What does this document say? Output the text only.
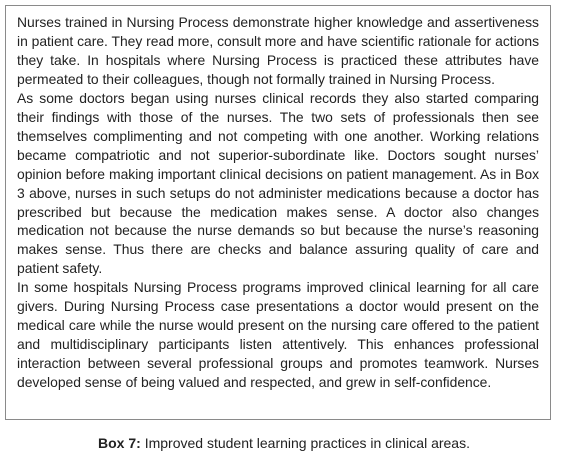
Nurses trained in Nursing Process demonstrate higher knowledge and assertiveness in patient care. They read more, consult more and have scientific rationale for actions they take. In hospitals where Nursing Process is practiced these attributes have permeated to their colleagues, though not formally trained in Nursing Process.

As some doctors began using nurses clinical records they also started comparing their findings with those of the nurses. The two sets of professionals then see themselves complimenting and not competing with one another. Working relations became compatriotic and not superior-subordinate like. Doctors sought nurses’ opinion before making important clinical decisions on patient management. As in Box 3 above, nurses in such setups do not administer medications because a doctor has prescribed but because the medication makes sense. A doctor also changes medication not because the nurse demands so but because the nurse’s reasoning makes sense. Thus there are checks and balance assuring quality of care and patient safety.

In some hospitals Nursing Process programs improved clinical learning for all care givers. During Nursing Process case presentations a doctor would present on the medical care while the nurse would present on the nursing care offered to the patient and multidisciplinary participants listen attentively. This enhances professional interaction between several professional groups and promotes teamwork. Nurses developed sense of being valued and respected, and grew in self-confidence.

Box 7: Improved student learning practices in clinical areas.
